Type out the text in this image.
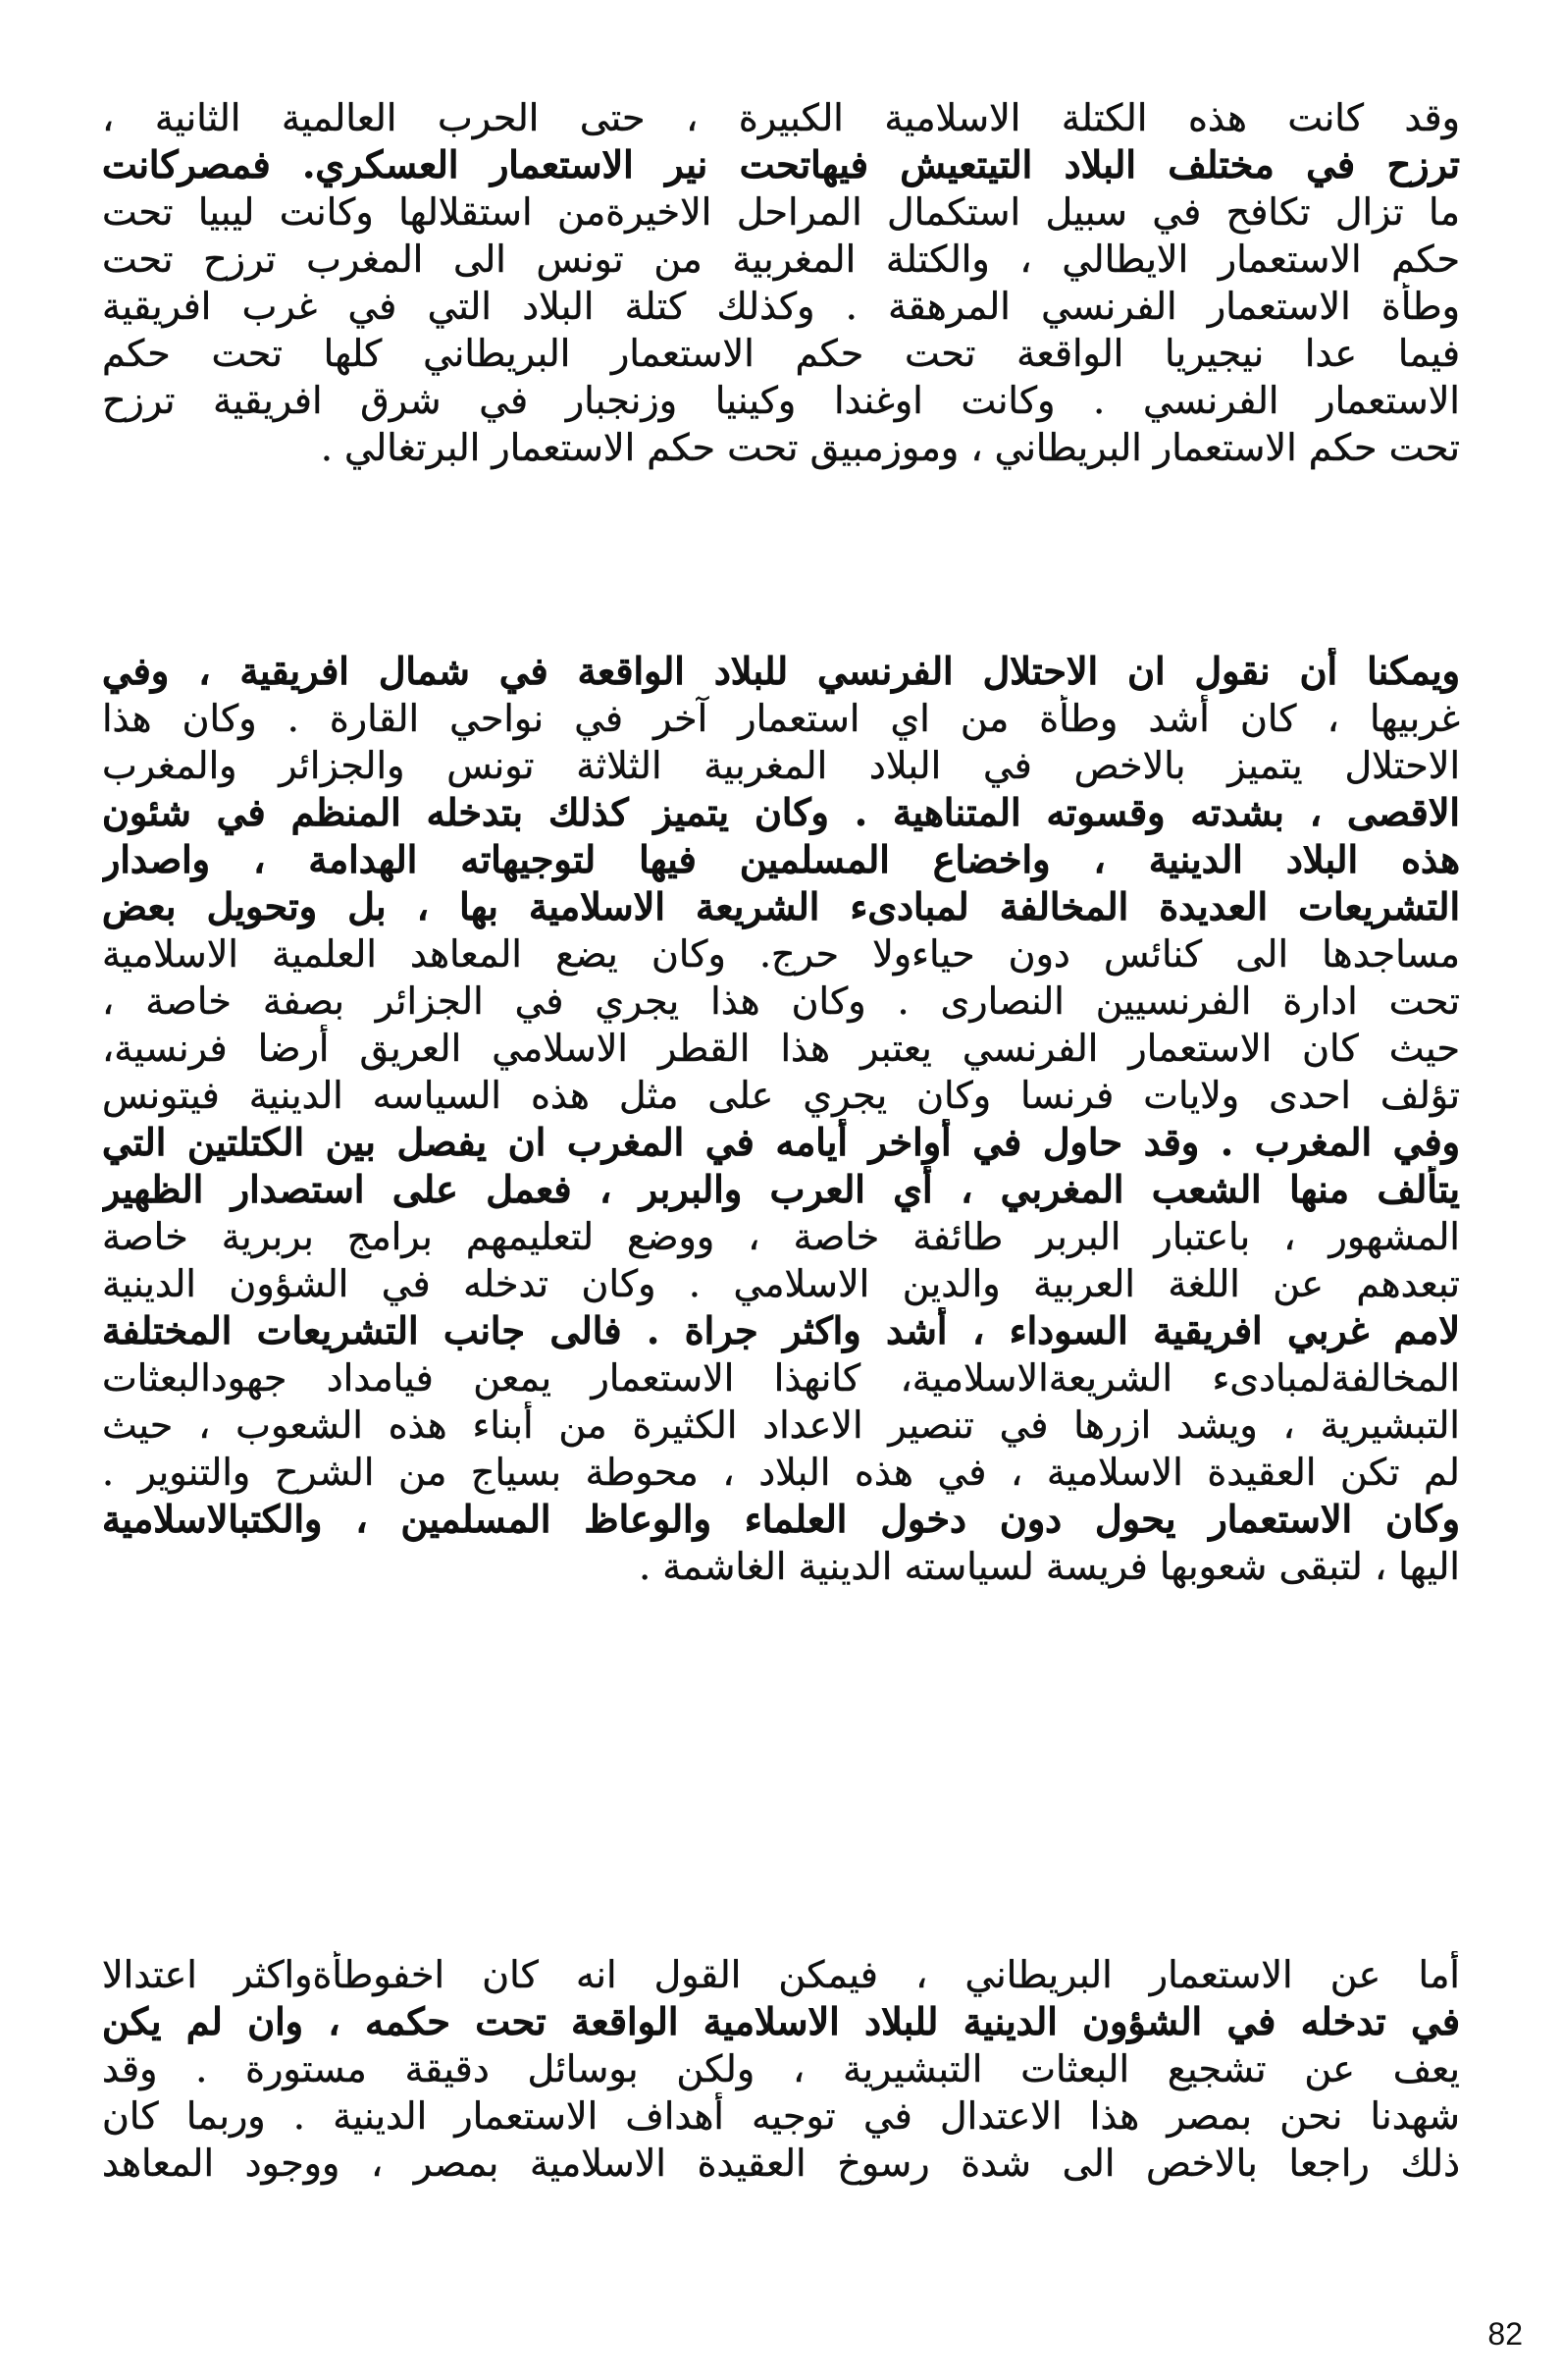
وقد كانت هذه الكتلة الاسلامية الكبيرة ، حتى الحرب العالمية الثانية ،
ترزح في مختلف البلاد التيتعيش فيهاتحت نير الاستعمار العسكري. فمصركانت
ما تزال تكافح في سبيل استكمال المراحل الاخيرةمن استقلالها وكانت ليبيا تحت
حكم الاستعمار الايطالي ، والكتلة المغربية من تونس الى المغرب ترزح تحت
وطأة الاستعمار الفرنسي المرهقة . وكذلك كتلة البلاد التي في غرب افريقية
فيما عدا نيجيريا الواقعة تحت حكم الاستعمار البريطاني كلها تحت حكم
الاستعمار الفرنسي . وكانت اوغندا وكينيا وزنجبار في شرق افريقية ترزح
تحت حكم الاستعمار البريطاني ، وموزمبيق تحت حكم الاستعمار البرتغالي .
ويمكنا أن نقول ان الاحتلال الفرنسي للبلاد الواقعة في شمال افريقية ، وفي
غربيها ، كان أشد وطأة من اي استعمار آخر في نواحي القارة . وكان هذا
الاحتلال يتميز بالاخص في البلاد المغربية الثلاثة تونس والجزائر والمغرب
الاقصى ، بشدته وقسوته المتناهية . وكان يتميز كذلك بتدخله المنظم في شئون
هذه البلاد الدينية ، واخضاع المسلمين فيها لتوجيهاته الهدامة ، واصدار
التشريعات العديدة المخالفة لمبادىء الشريعة الاسلامية بها ، بل وتحويل بعض
مساجدها الى كنائس دون حياءولا حرج. وكان يضع المعاهد العلمية الاسلامية
تحت ادارة الفرنسيين النصارى . وكان هذا يجري في الجزائر بصفة خاصة ،
حيث كان الاستعمار الفرنسي يعتبر هذا القطر الاسلامي العريق أرضا فرنسية،
تؤلف احدى ولايات فرنسا وكان يجري على مثل هذه السياسه الدينية فيتونس
وفي المغرب . وقد حاول في أواخر أيامه في المغرب ان يفصل بين الكتلتين التي
يتألف منها الشعب المغربي ، أي العرب والبربر ، فعمل على استصدار الظهير
المشهور ، باعتبار البربر طائفة خاصة ، ووضع لتعليمهم برامج بربرية خاصة
تبعدهم عن اللغة العربية والدين الاسلامي . وكان تدخله في الشؤون الدينية
لامم غربي افريقية السوداء ، أشد واكثر جراة . فالى جانب التشريعات المختلفة
المخالفةلمبادىء الشريعةالاسلامية، كانهذا الاستعمار يمعن فيامداد جهودالبعثات
التبشيرية ، ويشد ازرها في تنصير الاعداد الكثيرة من أبناء هذه الشعوب ، حيث
لم تكن العقيدة الاسلامية ، في هذه البلاد ، محوطة بسياج من الشرح والتنوير .
وكان الاستعمار يحول دون دخول العلماء والوعاظ المسلمين ، والكتبالاسلامية
اليها ، لتبقى شعوبها فريسة لسياسته الدينية الغاشمة .
أما عن الاستعمار البريطاني ، فيمكن القول انه كان اخفوطأةواكثر اعتدالا
في تدخله في الشؤون الدينية للبلاد الاسلامية الواقعة تحت حكمه ، وان لم يكن
يعف عن تشجيع البعثات التبشيرية ، ولكن بوسائل دقيقة مستورة . وقد
شهدنا نحن بمصر هذا الاعتدال في توجيه أهداف الاستعمار الدينية . وربما كان
ذلك راجعا بالاخص الى شدة رسوخ العقيدة الاسلامية بمصر ، ووجود المعاهد
82
